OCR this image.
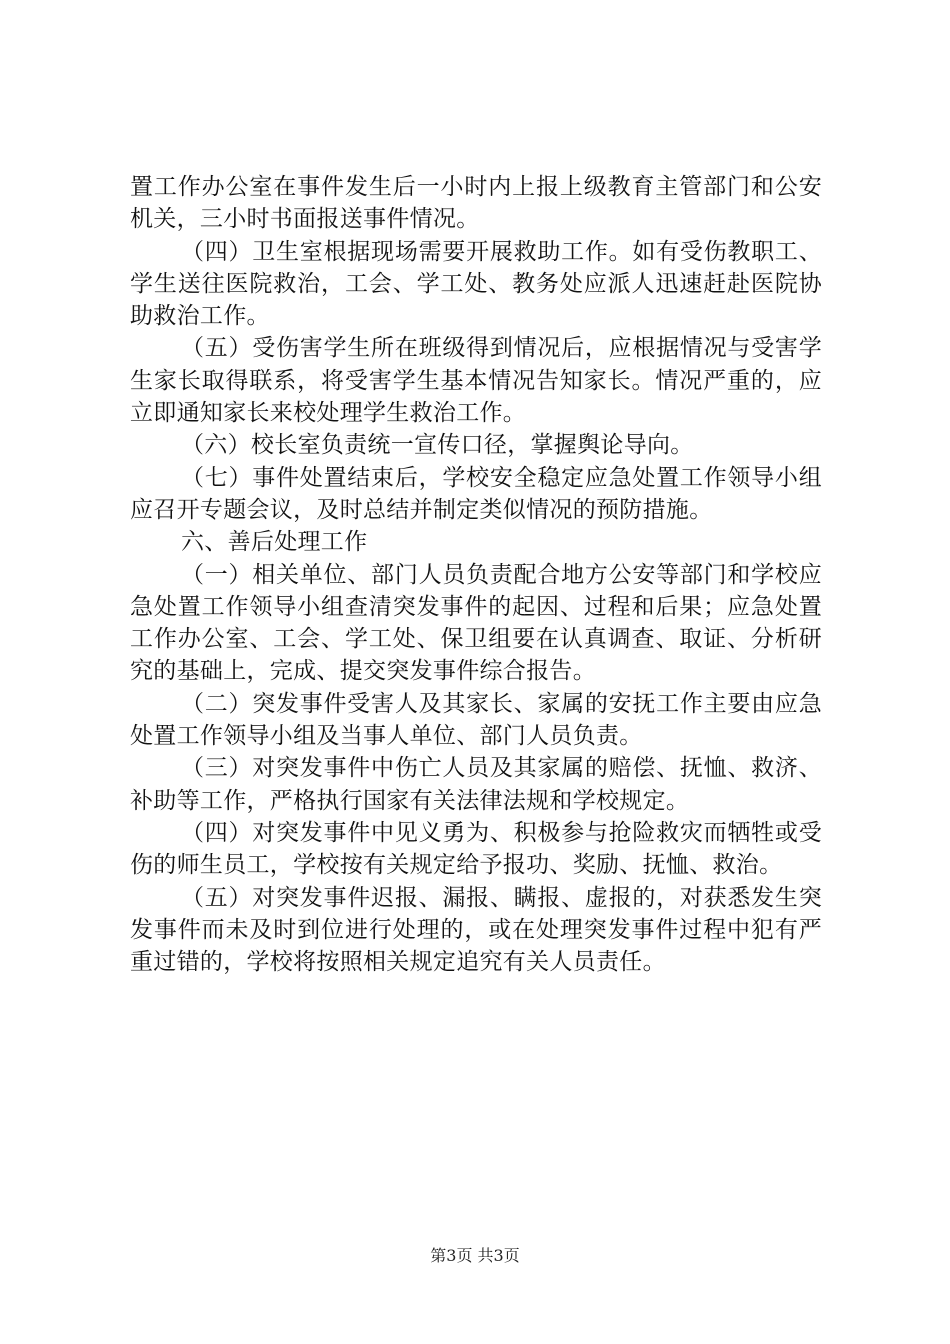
置工作办公室在事件发生后一小时内上报上级教育主管部门和公安机关，三小时书面报送事件情况。

（四）卫生室根据现场需要开展救助工作。如有受伤教职工、学生送往医院救治，工会、学工处、教务处应派人迅速赶赴医院协助救治工作。

（五）受伤害学生所在班级得到情况后，应根据情况与受害学生家长取得联系，将受害学生基本情况告知家长。情况严重的，应立即通知家长来校处理学生救治工作。

（六）校长室负责统一宣传口径，掌握舆论导向。

（七）事件处置结束后，学校安全稳定应急处置工作领导小组应召开专题会议，及时总结并制定类似情况的预防措施。

六、善后处理工作

（一）相关单位、部门人员负责配合地方公安等部门和学校应急处置工作领导小组查清突发事件的起因、过程和后果；应急处置工作办公室、工会、学工处、保卫组要在认真调查、取证、分析研究的基础上，完成、提交突发事件综合报告。

（二）突发事件受害人及其家长、家属的安抚工作主要由应急处置工作领导小组及当事人单位、部门人员负责。

（三）对突发事件中伤亡人员及其家属的赔偿、抚恤、救济、补助等工作，严格执行国家有关法律法规和学校规定。

（四）对突发事件中见义勇为、积极参与抢险救灾而牺牲或受伤的师生员工，学校按有关规定给予报功、奖励、抚恤、救治。

（五）对突发事件迟报、漏报、瞒报、虚报的，对获悉发生突发事件而未及时到位进行处理的，或在处理突发事件过程中犯有严重过错的，学校将按照相关规定追究有关人员责任。

第3页 共3页
